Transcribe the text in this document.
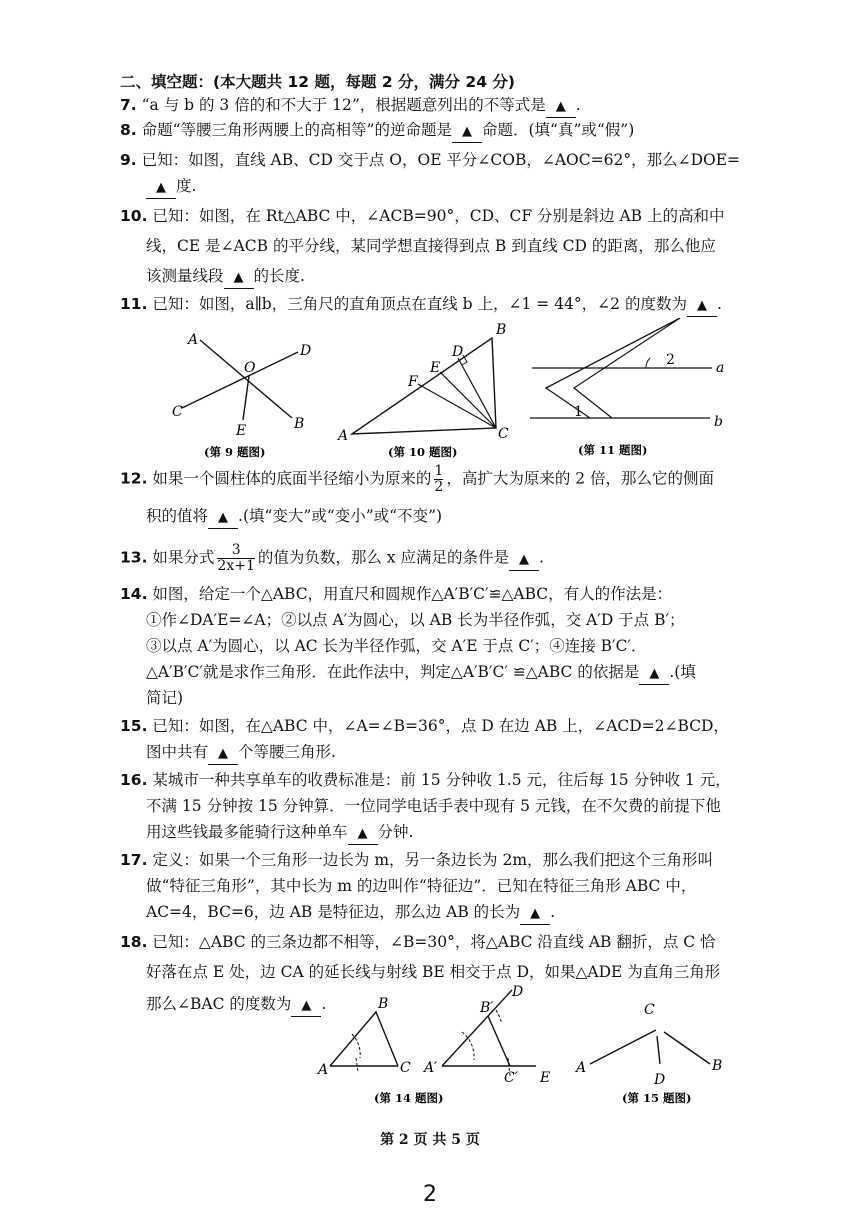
二、填空题：(本大题共 12 题，每题 2 分，满分 24 分)
7. “a 与 b 的 3 倍的和不大于 12”，根据题意列出的不等式是 ▲ .
8. 命题“等腰三角形两腰上的高相等”的逆命题是 ▲ 命题．(填“真”或“假”)
9. 已知：如图，直线 AB、CD 交于点 O，OE 平分∠COB，∠AOC=62°，那么∠DOE=
▲ 度.
10. 已知：如图，在 Rt△ABC 中，∠ACB=90°，CD、CF 分别是斜边 AB 上的高和中
线，CE 是∠ACB 的平分线，某同学想直接得到点 B 到直线 CD 的距离，那么他应
该测量线段 ▲ 的长度.
11. 已知：如图，a∥b，三角尺的直角顶点在直线 b 上，∠1 = 44°，∠2 的度数为 ▲ .
A
D
O
C
E	B
(第 9 题图)
B
D
E
F
A	C
(第 10 题图)
2	a
1
b
(第 11 题图)
12. 如果一个圆柱体的底面半径缩小为原来的 $\frac{1}{2}$ ，高扩大为原来的 2 倍，那么它的侧面
积的值将 ▲ .(填“变大”或“变小”或“不变”)
13. 如果分式 $\frac{3}{2x+1}$ 的值为负数，那么 x 应满足的条件是 ▲ .
14. 如图，给定一个△ABC，用直尺和圆规作△A′B′C′≌△ABC，有人的作法是：
①作∠DA′E=∠A；②以点 A′为圆心，以 AB 长为半径作弧，交 A′D 于点 B′；
③以点 A′为圆心，以 AC 长为半径作弧，交 A′E 于点 C′；④连接 B′C′．
△A′B′C′就是求作三角形．在此作法中，判定△A′B′C′ ≌△ABC 的依据是 ▲ .(填
简记)
15. 已知：如图，在△ABC 中，∠A=∠B=36°，点 D 在边 AB 上，∠ACD=2∠BCD，
图中共有 ▲ 个等腰三角形.
16. 某城市一种共享单车的收费标准是：前 15 分钟收 1.5 元，往后每 15 分钟收 1 元，
不满 15 分钟按 15 分钟算．一位同学电话手表中现有 5 元钱，在不欠费的前提下他
用这些钱最多能骑行这种单车 ▲ 分钟.
17. 定义：如果一个三角形一边长为 m，另一条边长为 2m，那么我们把这个三角形叫
做“特征三角形”，其中长为 m 的边叫作“特征边”．已知在特征三角形 ABC 中，
AC=4，BC=6，边 AB 是特征边，那么边 AB 的长为 ▲ .
18. 已知：△ABC 的三条边都不相等，∠B=30°，将△ABC 沿直线 AB 翻折，点 C 恰
好落在点 E 处，边 CA 的延长线与射线 BE 相交于点 D，如果△ADE 为直角三角形
那么∠BAC 的度数为 ▲ .	B
A	C
D
B′
A′
C′ E
(第 14 题图)
C
A	B
D
(第 15 题图)
第 2 页 共 5 页
2
